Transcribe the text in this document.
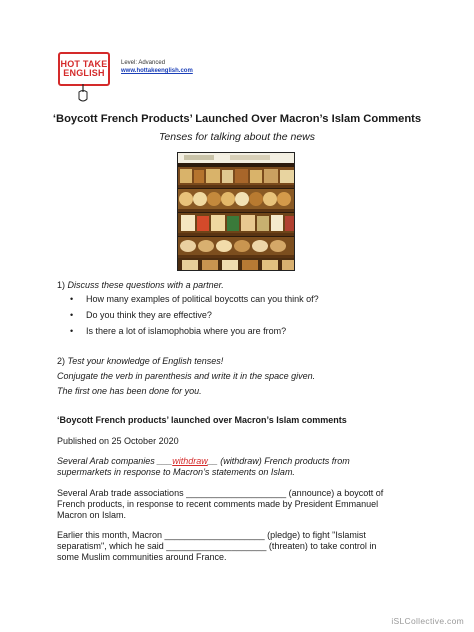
HOT TAKE
ENGLISH
Level: Advanced
www.hottakeenglish.com
‘Boycott French Products’ Launched Over Macron’s Islam Comments
Tenses for talking about the news
1) Discuss these questions with a partner.
• How many examples of political boycotts can you think of?
• Do you think they are effective?
• Is there a lot of islamophobia where you are from?
2) Test your knowledge of English tenses!
Conjugate the verb in parenthesis and write it in the space given.
The first one has been done for you.
‘Boycott French products’ launched over Macron’s Islam comments
Published on 25 October 2020
Several Arab companies ___withdraw__ (withdraw) French products from
supermarkets in response to Macron’s statements on Islam.
Several Arab trade associations ____________________ (announce) a boycott of
French products, in response to recent comments made by President Emmanuel
Macron on Islam.
Earlier this month, Macron ____________________ (pledge) to fight "Islamist
separatism", which he said ____________________ (threaten) to take control in
some Muslim communities around France.
iSLCollective.com
